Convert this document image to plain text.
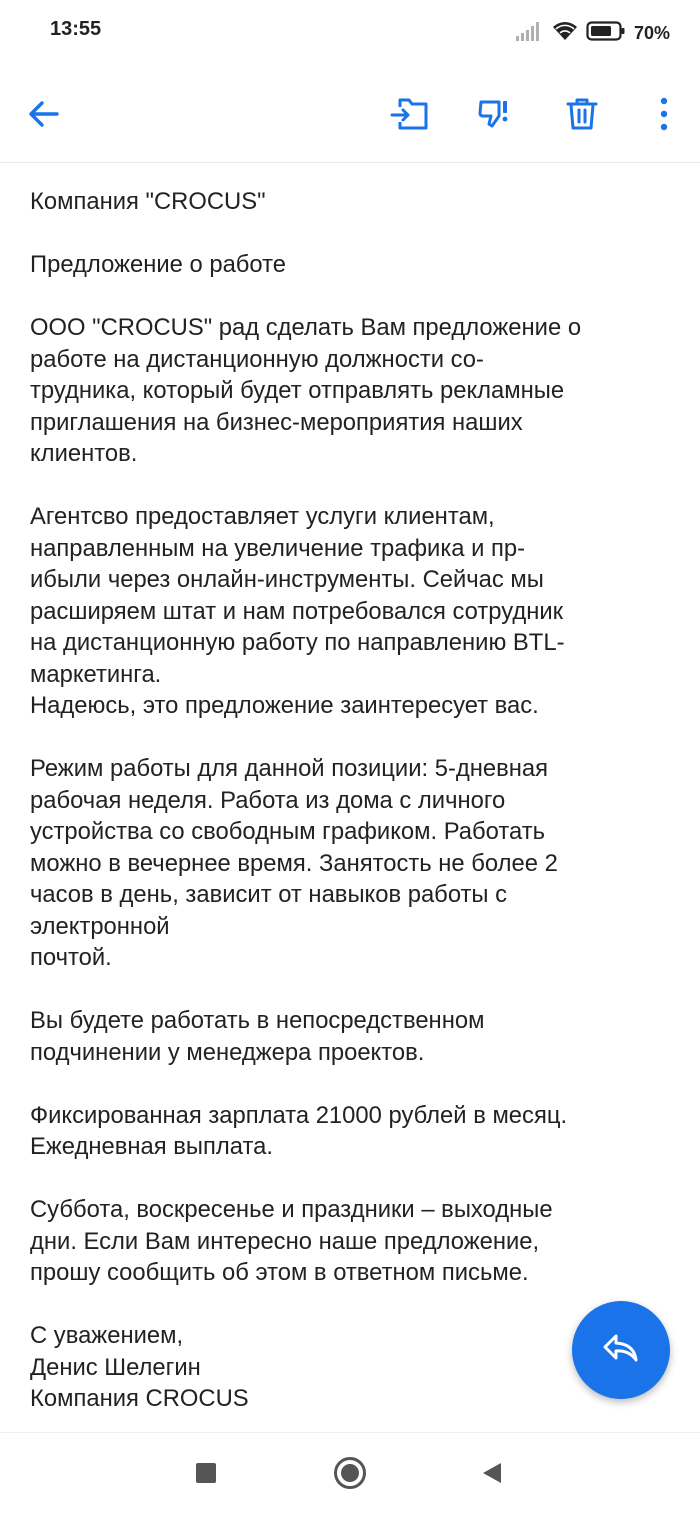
13:55	70%

Компания "CROCUS"

Предложение о работе

ООО "CROCUS" рад сделать Вам предложение о
работе на дистанционную должности со-
трудника, который будет отправлять рекламные
приглашения на бизнес-мероприятия наших
клиентов.

Агентсво предоставляет услуги клиентам,
направленным на увеличение трафика и пр-
ибыли через онлайн-инструменты. Сейчас мы
расширяем штат и нам потребовался сотрудник
на дистанционную работу по направлению BTL-
маркетинга.
Надеюсь, это предложение заинтересует вас.

Режим работы для данной позиции: 5-дневная
рабочая неделя. Работа из дома с личного
устройства со свободным графиком. Работать
можно в вечернее время. Занятость не более 2
часов в день, зависит от навыков работы с
электронной
почтой.

Вы будете работать в непосредственном
подчинении у менеджера проектов.

Фиксированная зарплата 21000 рублей в месяц.
Ежедневная выплата.

Суббота, воскресенье и праздники – выходные
дни. Если Вам интересно наше предложение,
прошу сообщить об этом в ответном письме.

С уважением,
Денис Шелегин
Компания CROCUS
